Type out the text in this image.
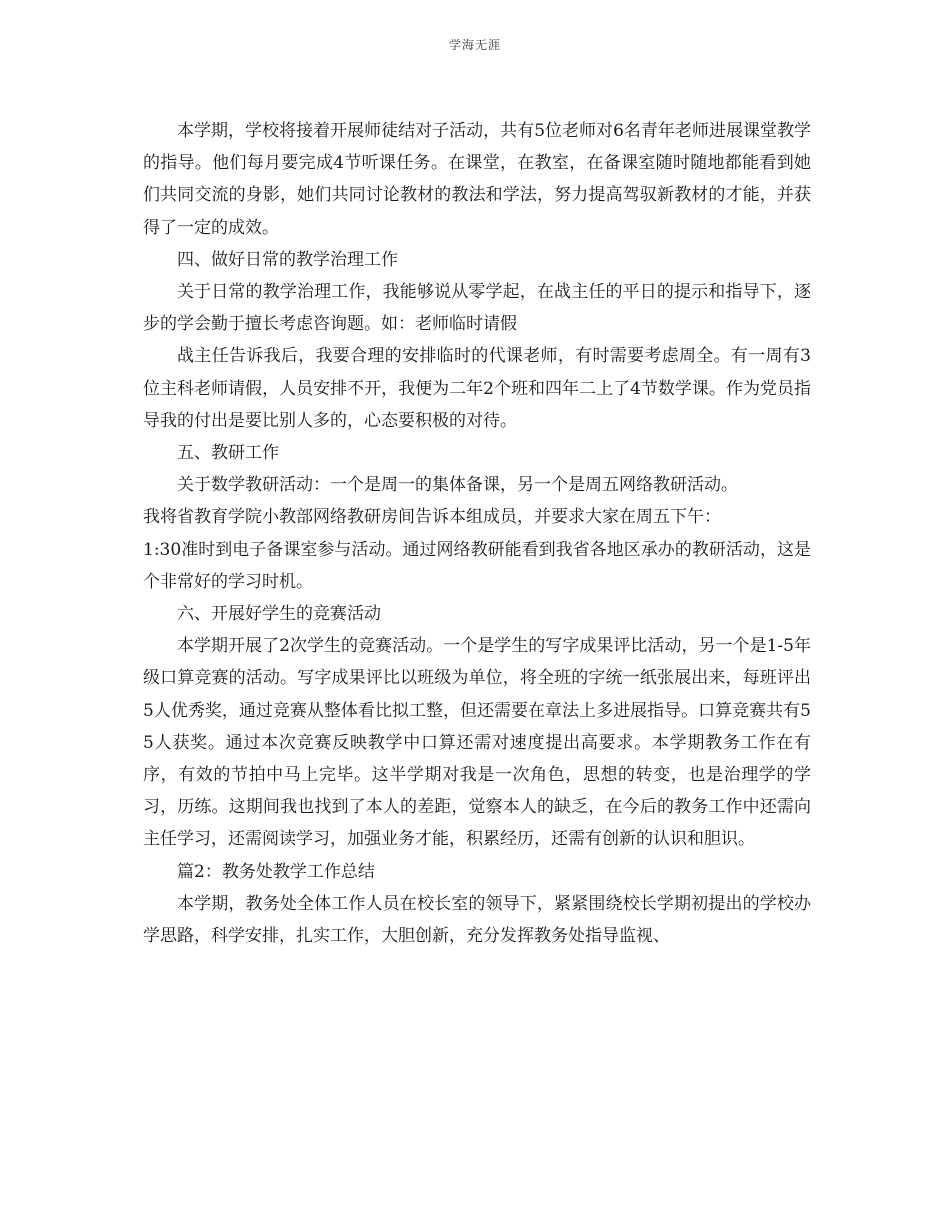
学海无涯

本学期，学校将接着开展师徒结对子活动，共有5位老师对6名青年老师进展课堂教学的指导。他们每月要完成4节听课任务。在课堂，在教室，在备课室随时随地都能看到她们共同交流的身影，她们共同讨论教材的教法和学法，努力提高驾驭新教材的才能，并获得了一定的成效。

四、做好日常的教学治理工作

关于日常的教学治理工作，我能够说从零学起，在战主任的平日的提示和指导下，逐步的学会勤于擅长考虑咨询题。如：老师临时请假

战主任告诉我后，我要合理的安排临时的代课老师，有时需要考虑周全。有一周有3位主科老师请假，人员安排不开，我便为二年2个班和四年二上了4节数学课。作为党员指导我的付出是要比别人多的，心态要积极的对待。

五、教研工作

关于数学教研活动：一个是周一的集体备课，另一个是周五网络教研活动。

我将省教育学院小教部网络教研房间告诉本组成员，并要求大家在周五下午：

1:30准时到电子备课室参与活动。通过网络教研能看到我省各地区承办的教研活动，这是个非常好的学习时机。

六、开展好学生的竞赛活动

本学期开展了2次学生的竞赛活动。一个是学生的写字成果评比活动，另一个是1-5年级口算竞赛的活动。写字成果评比以班级为单位，将全班的字统一纸张展出来，每班评出5人优秀奖，通过竞赛从整体看比拟工整，但还需要在章法上多进展指导。口算竞赛共有55人获奖。通过本次竞赛反映教学中口算还需对速度提出高要求。本学期教务工作在有序，有效的节拍中马上完毕。这半学期对我是一次角色，思想的转变，也是治理学的学习，历练。这期间我也找到了本人的差距，觉察本人的缺乏，在今后的教务工作中还需向主任学习，还需阅读学习，加强业务才能，积累经历，还需有创新的认识和胆识。

篇2：教务处教学工作总结

本学期，教务处全体工作人员在校长室的领导下，紧紧围绕校长学期初提出的学校办学思路，科学安排，扎实工作，大胆创新，充分发挥教务处指导监视、
